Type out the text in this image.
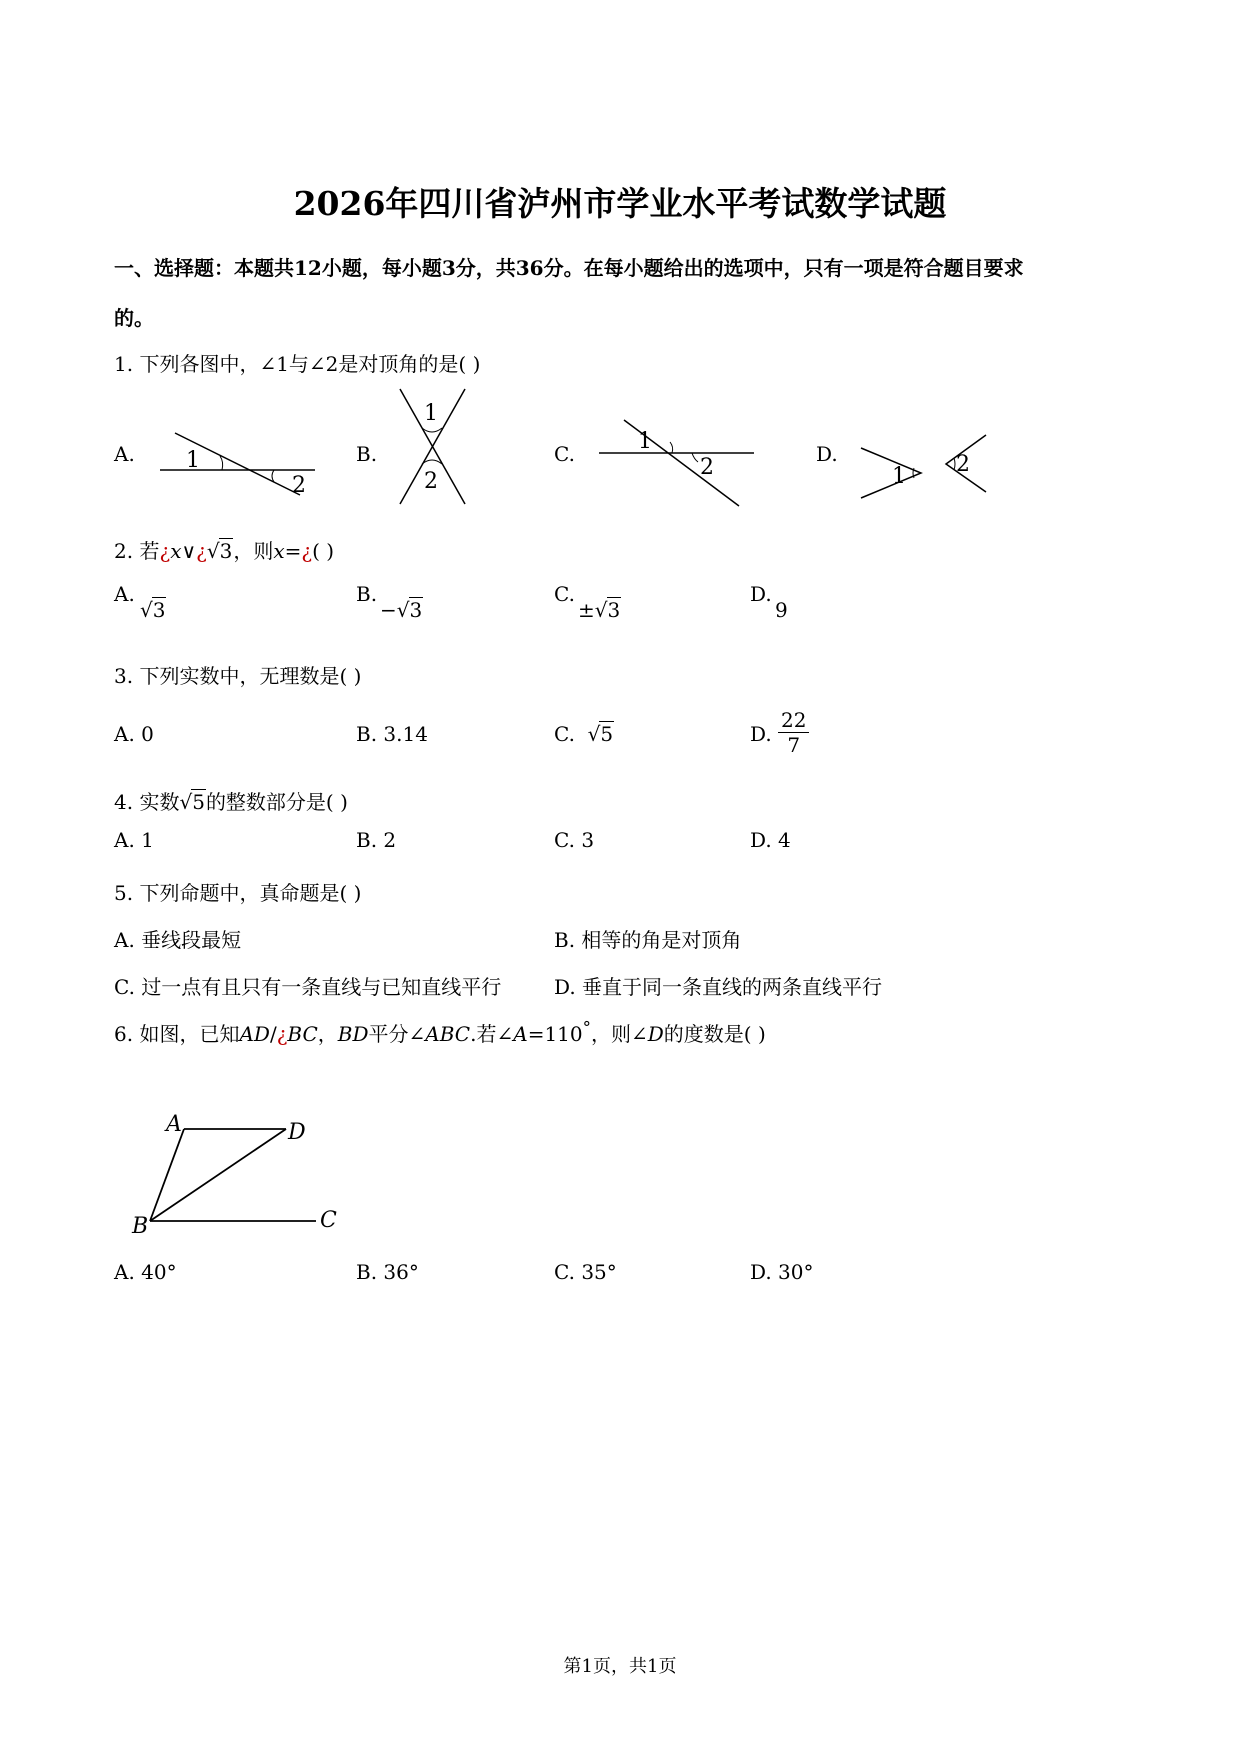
2026年四川省泸州市学业水平考试数学试题
一、选择题：本题共12小题，每小题3分，共36分。在每小题给出的选项中，只有一项是符合题目要求
的。
1. 下列各图中，∠1与∠2是对顶角的是( )
A. 1
2
B.
1
2
C.	1
2
D.
1 2
2. 若¿x∨¿√3，则x=¿( )
A.
√3
B.
−√3
C.
±√3
D.
9
3. 下列实数中，无理数是( )
A. 0	B. 3.14	C. √5	D. $\frac{22}{7}$
4. 实数√5的整数部分是( )
A. 1	B. 2	C. 3	D. 4
5. 下列命题中，真命题是( )
A. 垂线段最短	B. 相等的角是对顶角
C. 过一点有且只有一条直线与已知直线平行	D. 垂直于同一条直线的两条直线平行
6. 如图，已知AD/¿BC，BD平分∠ABC.若∠A=110°，则∠D的度数是( )
A	D
B	C
A. 40°	B. 36°	C. 35°	D. 30°
第1页，共1页
